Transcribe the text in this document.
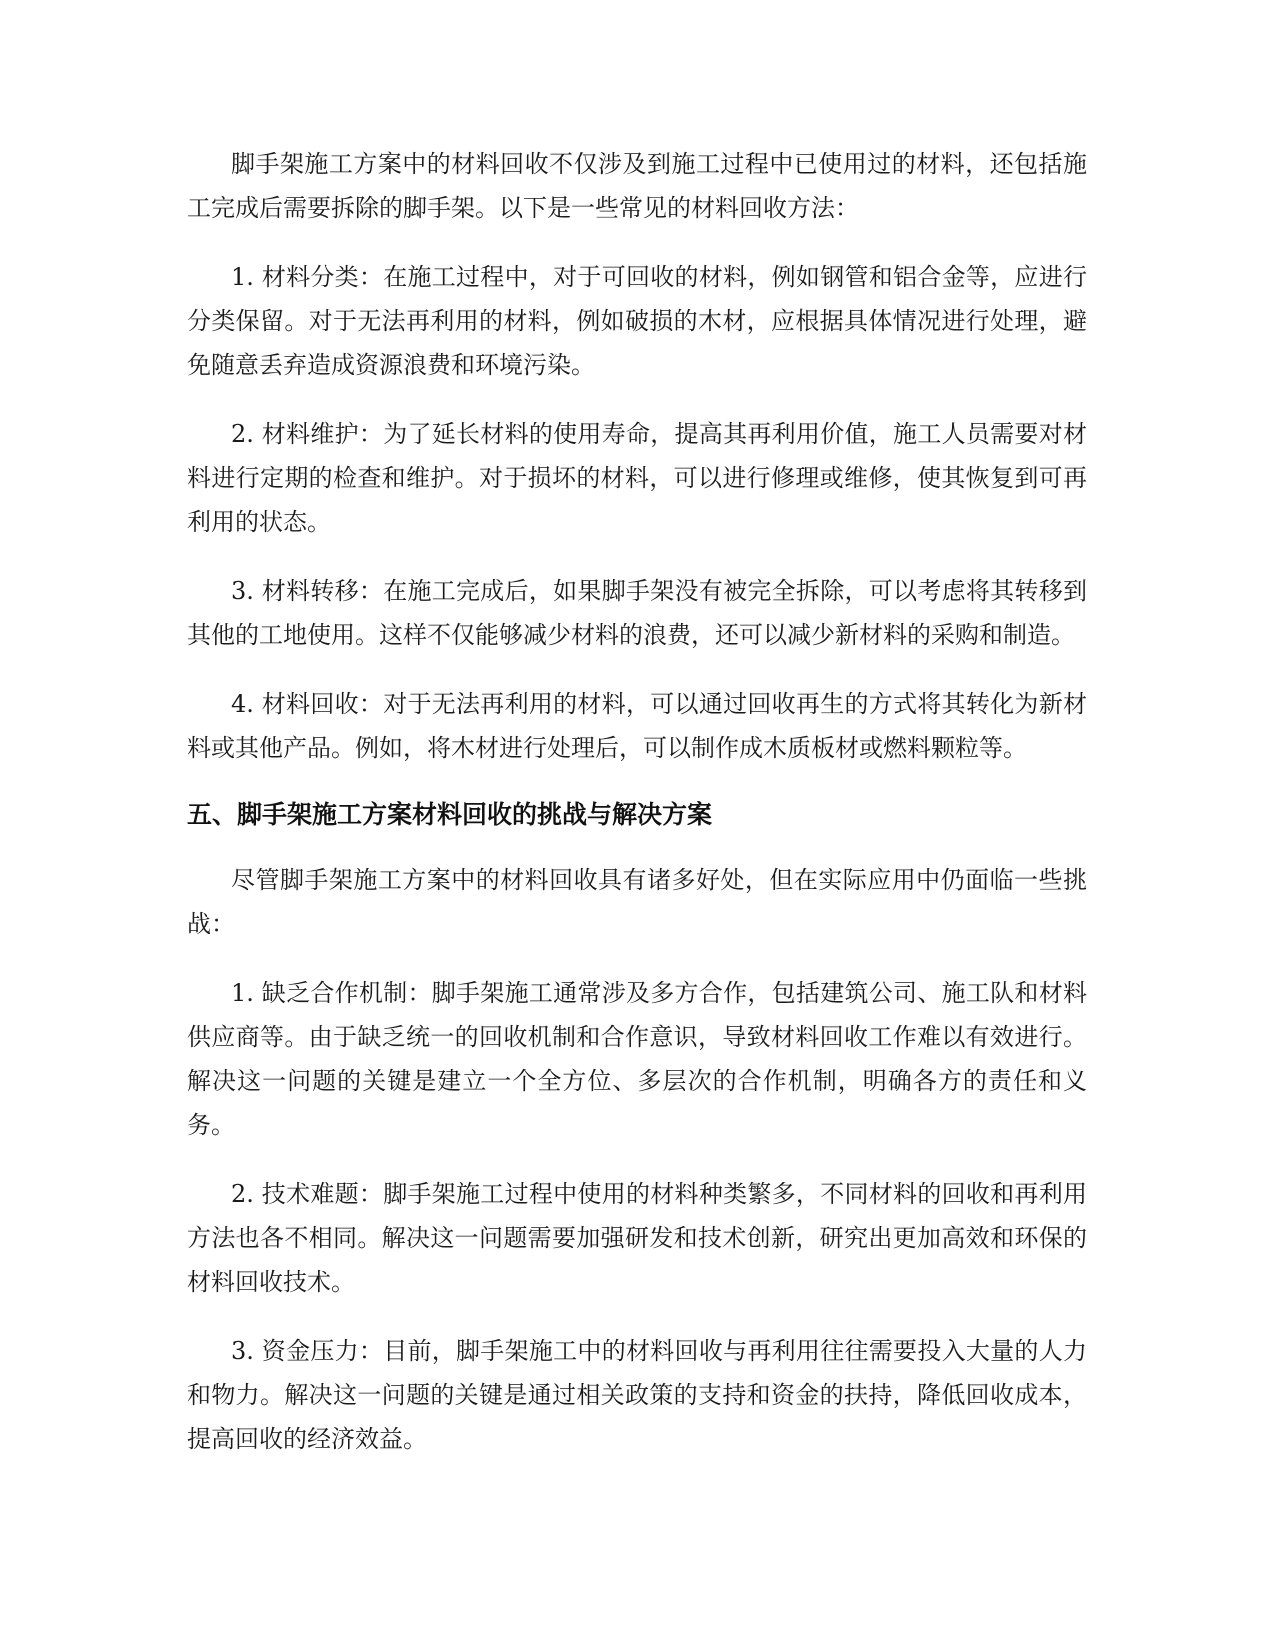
脚手架施工方案中的材料回收不仅涉及到施工过程中已使用过的材料，还包括施工完成后需要拆除的脚手架。以下是一些常见的材料回收方法：

1. 材料分类：在施工过程中，对于可回收的材料，例如钢管和铝合金等，应进行分类保留。对于无法再利用的材料，例如破损的木材，应根据具体情况进行处理，避免随意丢弃造成资源浪费和环境污染。

2. 材料维护：为了延长材料的使用寿命，提高其再利用价值，施工人员需要对材料进行定期的检查和维护。对于损坏的材料，可以进行修理或维修，使其恢复到可再利用的状态。

3. 材料转移：在施工完成后，如果脚手架没有被完全拆除，可以考虑将其转移到其他的工地使用。这样不仅能够减少材料的浪费，还可以减少新材料的采购和制造。

4. 材料回收：对于无法再利用的材料，可以通过回收再生的方式将其转化为新材料或其他产品。例如，将木材进行处理后，可以制作成木质板材或燃料颗粒等。

五、脚手架施工方案材料回收的挑战与解决方案

尽管脚手架施工方案中的材料回收具有诸多好处，但在实际应用中仍面临一些挑战：

1. 缺乏合作机制：脚手架施工通常涉及多方合作，包括建筑公司、施工队和材料供应商等。由于缺乏统一的回收机制和合作意识，导致材料回收工作难以有效进行。解决这一问题的关键是建立一个全方位、多层次的合作机制，明确各方的责任和义务。

2. 技术难题：脚手架施工过程中使用的材料种类繁多，不同材料的回收和再利用方法也各不相同。解决这一问题需要加强研发和技术创新，研究出更加高效和环保的材料回收技术。

3. 资金压力：目前，脚手架施工中的材料回收与再利用往往需要投入大量的人力和物力。解决这一问题的关键是通过相关政策的支持和资金的扶持，降低回收成本，提高回收的经济效益。
